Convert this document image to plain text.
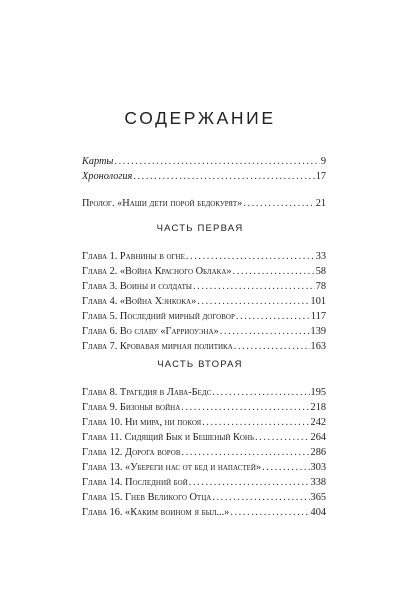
СОДЕРЖАНИЕ
Карты .....	9
Хронология .....	17
Пролог. «Наши дети порой бедокурят» .....	21
ЧАСТЬ ПЕРВАЯ
Глава 1. Равнины в огне .....	33
Глава 2. «Война Красного Облака» .....	58
Глава 3. Воины и солдаты .....	78
Глава 4. «Война Хэнкока» .....	101
Глава 5. Последний мирный договор .....	117
Глава 6. Во славу «Гарриоуэна» .....	139
Глава 7. Кровавая мирная политика .....	163
ЧАСТЬ ВТОРАЯ
Глава 8. Трагедия в Лава-Бедс .....	195
Глава 9. Бизонья война .....	218
Глава 10. Ни мира, ни покоя .....	242
Глава 11. Сидящий Бык и Бешеный Конь .....	264
Глава 12. Дорога воров .....	286
Глава 13. «Убереги нас от бед и напастей» .....	303
Глава 14. Последний бой .....	338
Глава 15. Гнев Великого Отца .....	365
Глава 16. «Каким воином я был...» .....	404
